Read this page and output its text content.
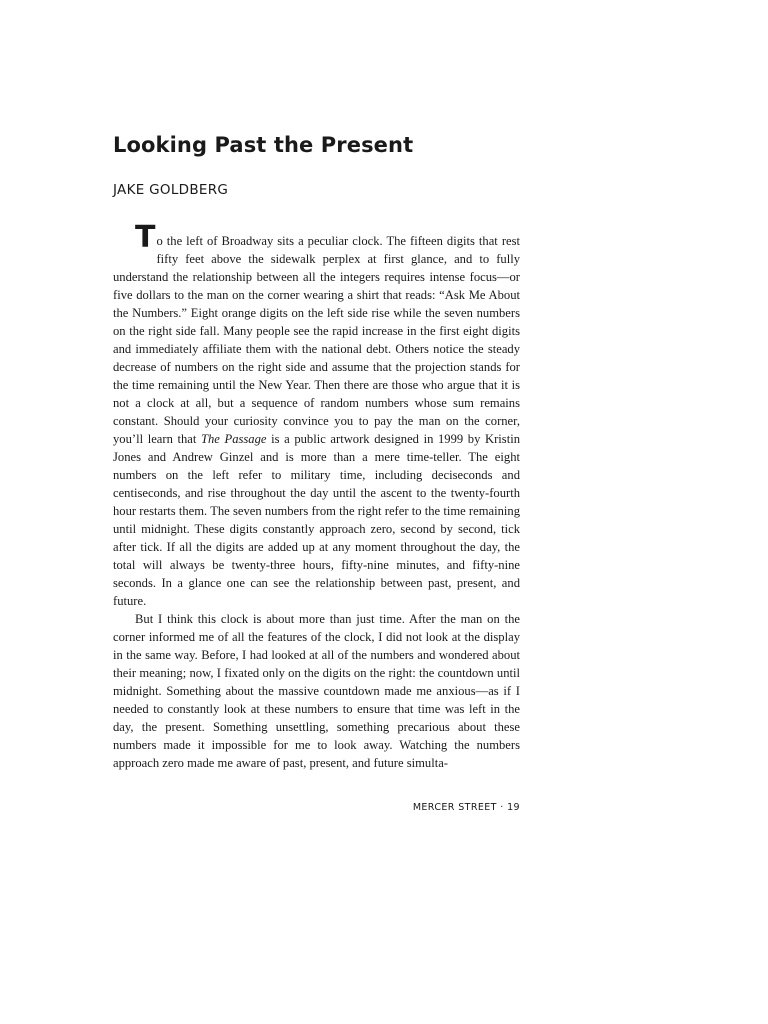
Looking Past the Present
JAKE GOLDBERG

To the left of Broadway sits a peculiar clock. The fifteen digits that rest fifty feet above the sidewalk perplex at first glance, and to fully understand the relationship between all the integers requires intense focus—or five dollars to the man on the corner wearing a shirt that reads: “Ask Me About the Numbers.” Eight orange digits on the left side rise while the seven numbers on the right side fall. Many people see the rapid increase in the first eight digits and immediately affiliate them with the national debt. Others notice the steady decrease of numbers on the right side and assume that the projection stands for the time remaining until the New Year. Then there are those who argue that it is not a clock at all, but a sequence of random numbers whose sum remains constant. Should your curiosity convince you to pay the man on the corner, you’ll learn that The Passage is a public artwork designed in 1999 by Kristin Jones and Andrew Ginzel and is more than a mere time-teller. The eight numbers on the left refer to military time, including deciseconds and centiseconds, and rise throughout the day until the ascent to the twenty-fourth hour restarts them. The seven numbers from the right refer to the time remaining until midnight. These digits constantly approach zero, second by second, tick after tick. If all the digits are added up at any moment throughout the day, the total will always be twenty-three hours, fifty-nine minutes, and fifty-nine seconds. In a glance one can see the relationship between past, present, and future.

But I think this clock is about more than just time. After the man on the corner informed me of all the features of the clock, I did not look at the display in the same way. Before, I had looked at all of the numbers and wondered about their meaning; now, I fixated only on the digits on the right: the countdown until midnight. Something about the massive countdown made me anxious—as if I needed to constantly look at these numbers to ensure that time was left in the day, the present. Something unsettling, something precarious about these numbers made it impossible for me to look away. Watching the numbers approach zero made me aware of past, present, and future simulta-

MERCER STREET · 19
